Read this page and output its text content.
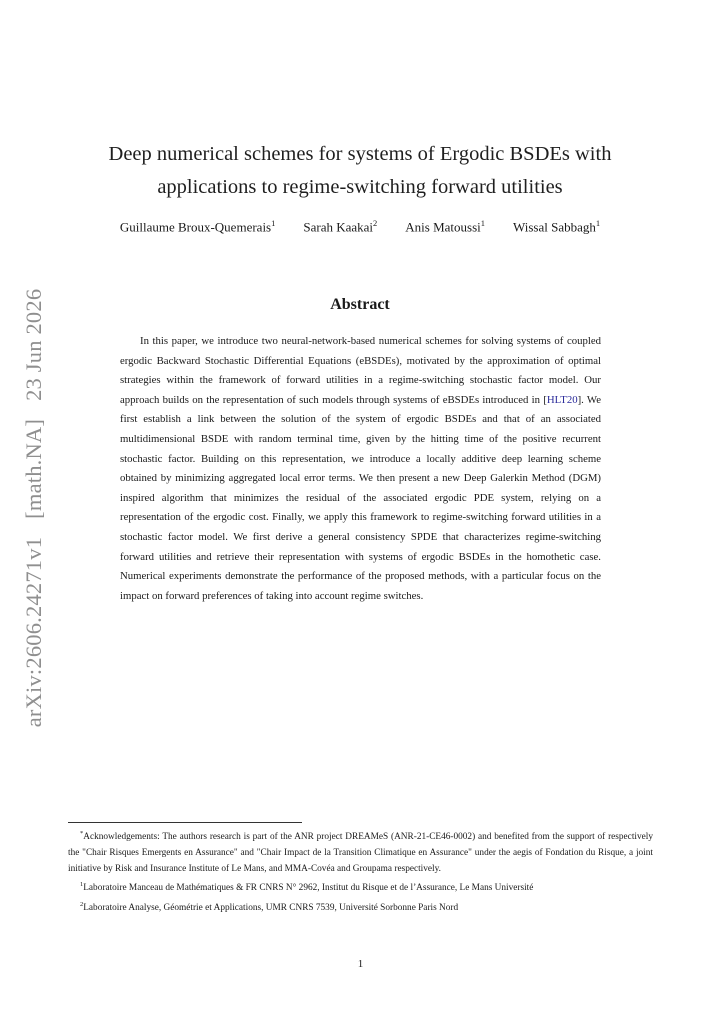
arXiv:2606.24271v1[math.NA]23 Jun 2026
Deep numerical schemes for systems of Ergodic BSDEs with applications to regime-switching forward utilities
Guillaume Broux-Quemerais$^1$ Sarah Kaakai$^2$ Anis Matoussi$^1$ Wissal Sabbagh$^1$
Abstract
In this paper, we introduce two neural-network-based numerical schemes for solving systems of coupled ergodic Backward Stochastic Differential Equations (eBSDEs), motivated by the approximation of optimal strategies within the framework of forward utilities in a regime-switching stochastic factor model. Our approach builds on the representation of such models through systems of eBSDEs introduced in [HLT20]. We first establish a link between the solution of the system of ergodic BSDEs and that of an associated multidimensional BSDE with random terminal time, given by the hitting time of the positive recurrent stochastic factor. Building on this representation, we introduce a locally additive deep learning scheme obtained by minimizing aggregated local error terms. We then present a new Deep Galerkin Method (DGM) inspired algorithm that minimizes the residual of the associated ergodic PDE system, relying on a representation of the ergodic cost. Finally, we apply this framework to regime-switching forward utilities in a stochastic factor model. We first derive a general consistency SPDE that characterizes regime-switching forward utilities and retrieve their representation with systems of ergodic BSDEs in the homothetic case. Numerical experiments demonstrate the performance of the proposed methods, with a particular focus on the impact on forward preferences of taking into account regime switches.

*Acknowledgements: The authors research is part of the ANR project DREAMeS (ANR-21-CE46-0002) and benefited from the support of respectively the "Chair Risques Emergents en Assurance" and "Chair Impact de la Transition Climatique en Assurance" under the aegis of Fondation du Risque, a joint initiative by Risk and Insurance Institute of Le Mans, and MMA-Covéa and Groupama respectively.

$^1$Laboratoire Manceau de Mathématiques & FR CNRS N° 2962, Institut du Risque et de l’Assurance, Le Mans Université

$^2$Laboratoire Analyse, Géométrie et Applications, UMR CNRS 7539, Université Sorbonne Paris Nord

1
